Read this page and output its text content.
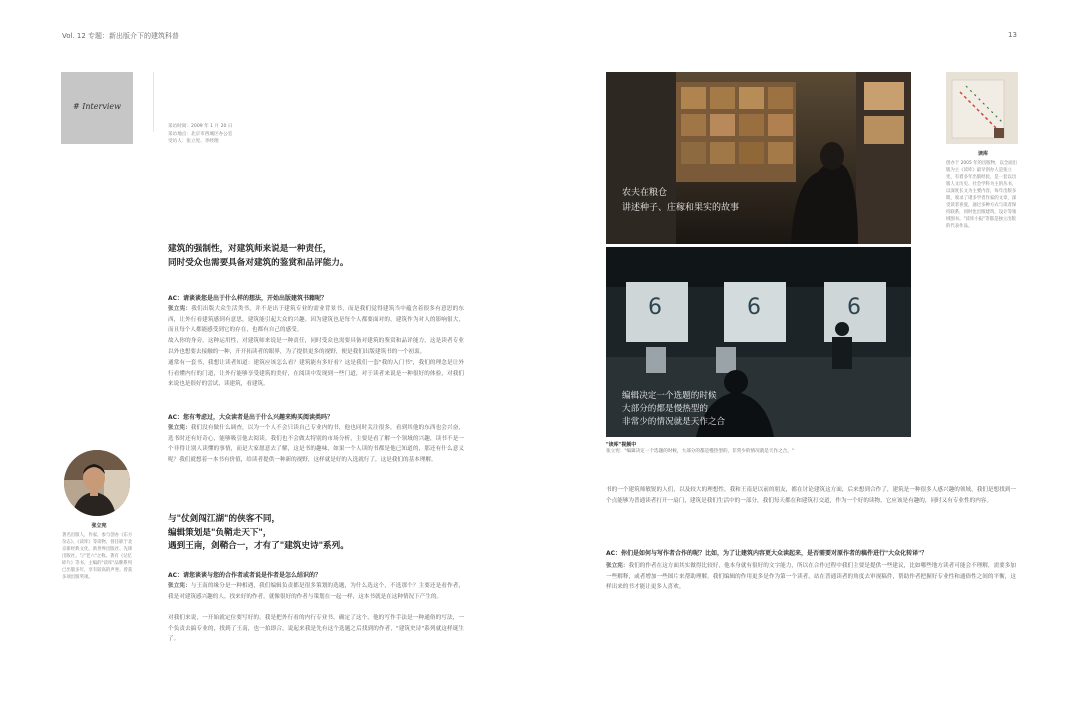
Vol. 12 专题：新出版介下的建筑科普	13
# Interview
采访时间：2009 年 1 月 20 日
采访地点：北京市西城区办公室
受访人：张立宪、李经理
建筑的强制性，对建筑师来说是一种责任，
同时受众也需要具备对建筑的鉴赏和品评能力。
AC：请谈谈您是出于什么样的想法，开始出版建筑书籍呢？
张立宪：我们出版大众生活类书，并不是出于建筑专业的需业背景书，而是我们觉得建筑当中蕴含着很多有意思的东西，让外行看建筑感到有意思，建筑能引起大众的兴趣。因为建筑也是每个人都要面对的，建筑作为对人的影响很大，而且每个人都能感受到它的存在，也都有自己的感受。
故入你的身旁，这种运用性，对建筑师来说是一种责任，同时受众也需要具备对建筑的鉴赏和品评能力，这是读者专业以外也想要去接触的一种，开开拓读者的眼界，为了提供更多的视野，便是我们出版建筑书的一个初衷。
通常有一套书，我想让读者知道：建筑应该怎么看？建筑能有多好看？这是我们一套"我的入门书"，我们的理念是让外行看懂内行的门道，让外行能够享受建筑的美好，在阅读中发现到一些门道，对于读者来说是一种很好的体验，对我们来说也是很好的尝试，读建筑，看建筑。
AC：您有考虑过，大众读者是出于什么兴趣来购买阅读类吗？
张立宪：我们没有做什么调查，以为一个人不会只读自己专业内的书，他也同时关注很多，看到其他的东西也会兴奋，选书时还有好奇心，能够吸引他去阅读。我们也不会做太特别的市场分析，主要是看了解一个领域的兴趣，读书不是一个非得让别人读懂的事情，而是大家愿意去了解，这是书的趣味，如果一个人读的书都是他已知道的，那还有什么意义呢？我们就想着一本书有价值，给读者提供一种新的视野，这样就是好的入选就行了，这是我们的基本理解。
张立宪
著名出版人，作家，参与创办《东方杂志》、《读库》等读物，曾任职于北京新经典文化、新世界出版社、先锋出版社。与"老六"之称。著有《记忆碎片》等书，主编的"读库"品牌系列已出版多年，享有较高的声誉。曾获多项出版奖项。
与"仗剑闯江湖"的侠客不同，
编辑策划是"负鞘走天下"，
遇到王南，剑鞘合一，才有了"建筑史诗"系列。
AC：请您谈谈与您的合作者或者说是作者是怎么结识的？
张立宪：与王南的缘分是一种相遇，我们编辑负责都是很多策划的选题，为什么选这个，不选那个？主要还是看作者，我是对建筑感兴趣的人，找来好的作者，就像很好的作者与策划在一起一样，这本书就是在这种情况下产生的。
对我们来说，一开始就定位要写好的，我是把外行看的内行专业书，确定了这个，他的写作手法是一种通俗的写法，一个负责去搞专业的，找到了王南，也一拍即合，说起来我是先有这个选题之后找到的作者，"建筑史诗"系列就这样诞生了。
农夫在粮仓
讲述种子、庄稼和果实的故事
6	6	6
编辑决定一个选题的时候
大部分的都是慢热型的
非常少的情况就是天作之合
"读库"视频中
张立宪："编辑决定一个选题的时候，大部分的都是慢热型的，非常少的情况就是天作之合。"
读库
创办于 2005 年的出版物，以全面出版为主《读库》最早创办人是张立宪，有着多年出版经验，是一套以出版人文历史、社会学科为主的丛书，以深度长文为主要内容，每年出版多期，收录了诸多学者作家的文章，深受读者喜爱，通过多种方式与读者保持联系，同时也出版建筑、设计等领域图书。"读库小报"等都是独立出版的代表作品。
书的一个建筑师敏锐的人们，以及较大的理想性，我和王南是以前的朋友，都在讨论建筑这方面，后来想到合作了，建筑是一种很多人感兴趣的领域，我们是想找到一个点能够为普通读者打开一扇门，建筑是我们生活中的一部分，我们每天都在和建筑打交道，作为一个好的读物，它应该是有趣的，同时又有专业性的内容。
AC：你们是如何与写作者合作的呢？比如，为了让建筑内容更大众读起来，是否需要对原作者的稿件进行"大众化转译"？
张立宪：我们的作者在这方面其实做得比较好，他本身就有很好的文字能力，所以在合作过程中我们主要是提供一些建议，比如哪些地方读者可能会不理解，需要多加一些解释，或者增加一些图片来帮助理解。我们编辑的作用更多是作为第一个读者，站在普通读者的角度去审视稿件，帮助作者把握好专业性和通俗性之间的平衡，这样出来的书才能让更多人喜欢。
